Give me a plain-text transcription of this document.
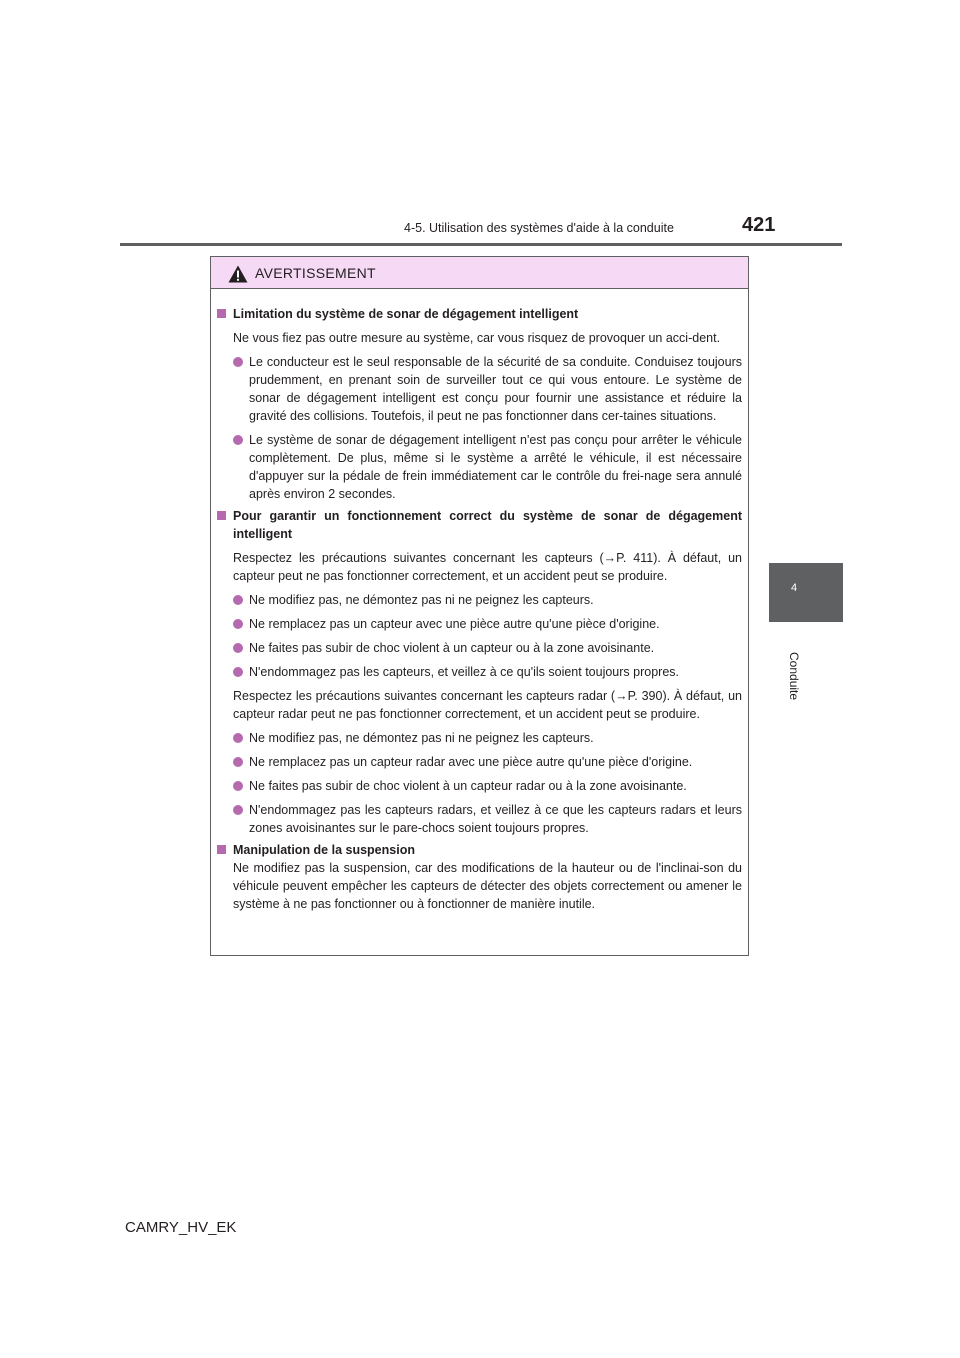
4-5. Utilisation des systèmes d'aide à la conduite	421
4
Conduite
AVERTISSEMENT
Limitation du système de sonar de dégagement intelligent
Ne vous fiez pas outre mesure au système, car vous risquez de provoquer un acci-dent.
Le conducteur est le seul responsable de la sécurité de sa conduite. Conduisez toujours prudemment, en prenant soin de surveiller tout ce qui vous entoure. Le système de sonar de dégagement intelligent est conçu pour fournir une assistance et réduire la gravité des collisions. Toutefois, il peut ne pas fonctionner dans cer-taines situations.
Le système de sonar de dégagement intelligent n'est pas conçu pour arrêter le véhicule complètement. De plus, même si le système a arrêté le véhicule, il est nécessaire d'appuyer sur la pédale de frein immédiatement car le contrôle du frei-nage sera annulé après environ 2 secondes.
Pour garantir un fonctionnement correct du système de sonar de dégagement intelligent
Respectez les précautions suivantes concernant les capteurs (→P. 411). À défaut, un capteur peut ne pas fonctionner correctement, et un accident peut se produire.
Ne modifiez pas, ne démontez pas ni ne peignez les capteurs.
Ne remplacez pas un capteur avec une pièce autre qu'une pièce d'origine.
Ne faites pas subir de choc violent à un capteur ou à la zone avoisinante.
N'endommagez pas les capteurs, et veillez à ce qu'ils soient toujours propres.
Respectez les précautions suivantes concernant les capteurs radar (→P. 390). À défaut, un capteur radar peut ne pas fonctionner correctement, et un accident peut se produire.
Ne modifiez pas, ne démontez pas ni ne peignez les capteurs.
Ne remplacez pas un capteur radar avec une pièce autre qu'une pièce d'origine.
Ne faites pas subir de choc violent à un capteur radar ou à la zone avoisinante.
N'endommagez pas les capteurs radars, et veillez à ce que les capteurs radars et leurs zones avoisinantes sur le pare-chocs soient toujours propres.
Manipulation de la suspension
Ne modifiez pas la suspension, car des modifications de la hauteur ou de l'inclinai-son du véhicule peuvent empêcher les capteurs de détecter des objets correctement ou amener le système à ne pas fonctionner ou à fonctionner de manière inutile.
CAMRY_HV_EK
